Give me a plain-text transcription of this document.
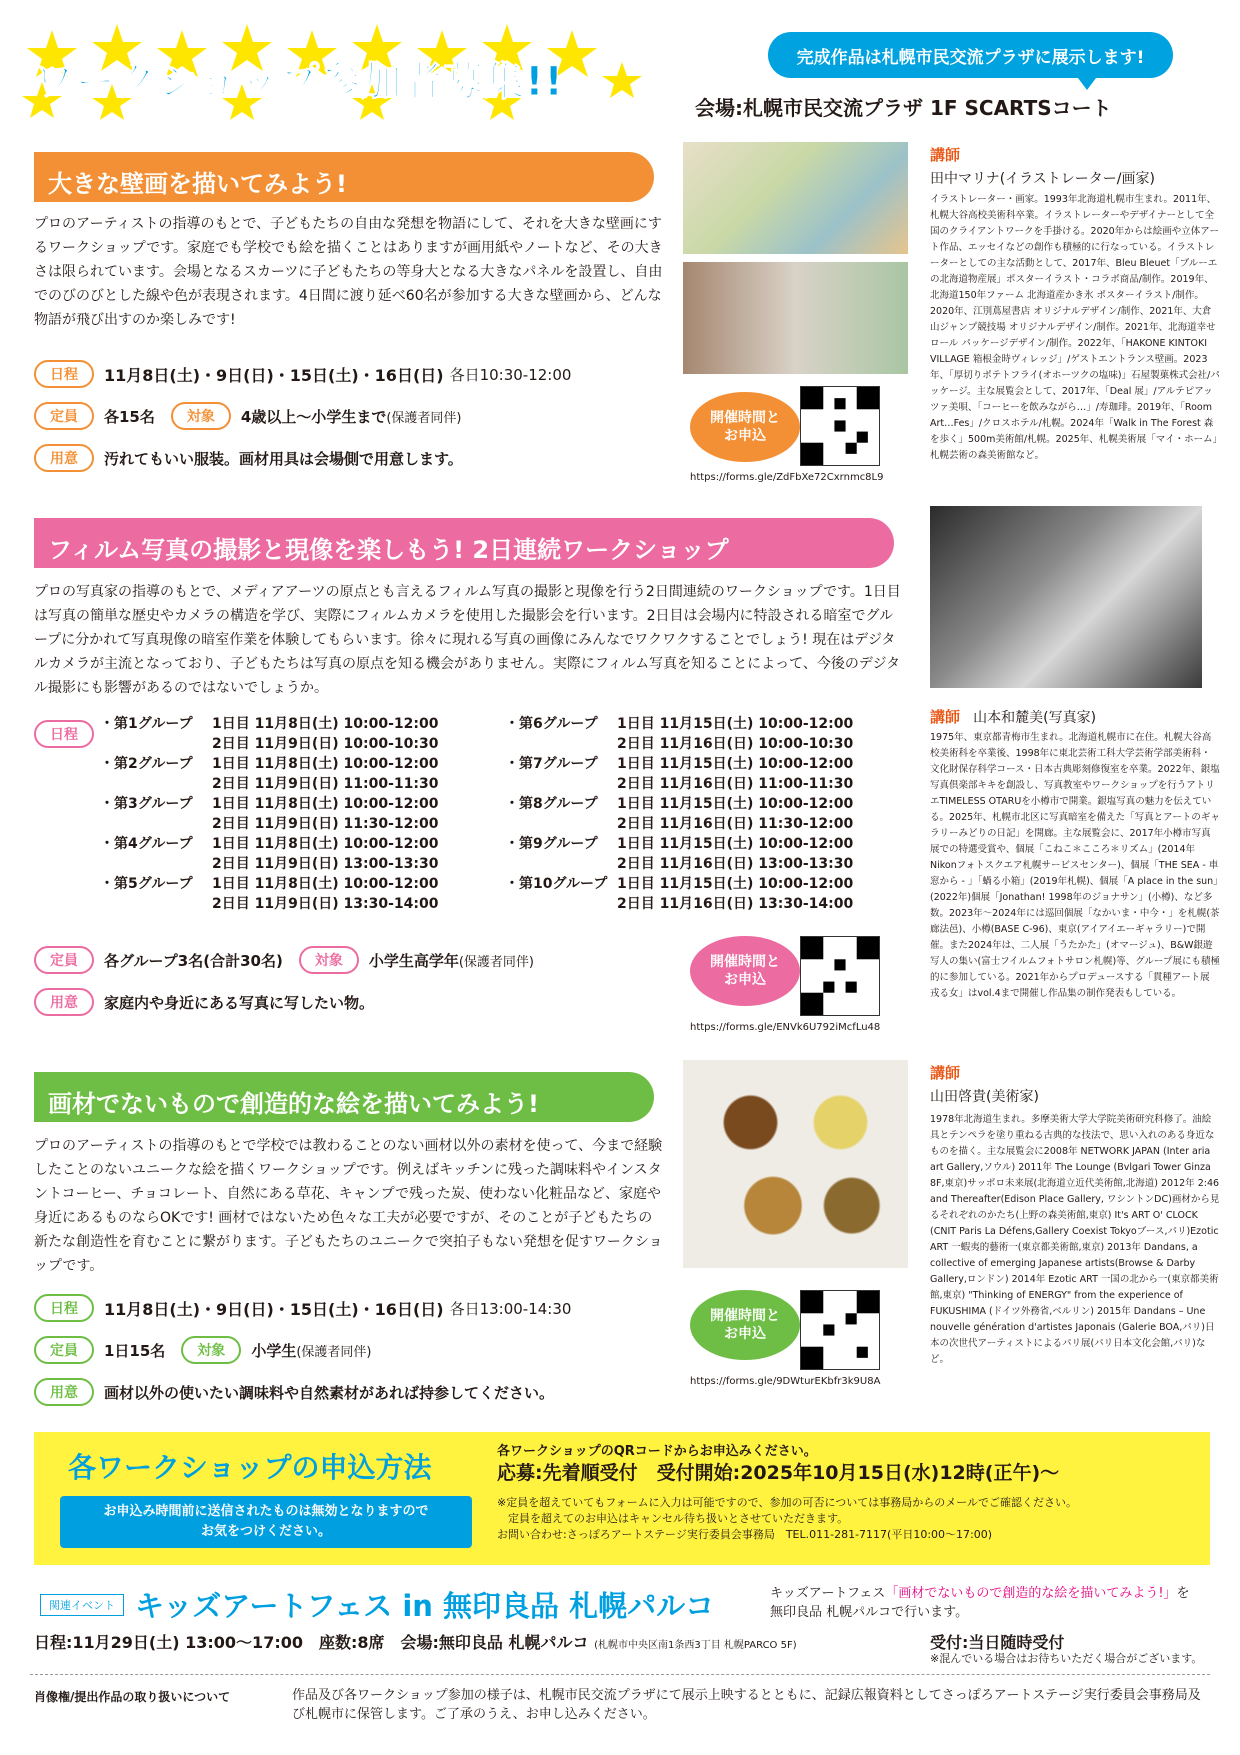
ワークショップ参加者募集!!
完成作品は札幌市民交流プラザに展示します!
会場:札幌市民交流プラザ 1F SCARTSコート
大きな壁画を描いてみよう!
プロのアーティストの指導のもとで、子どもたちの自由な発想を物語にして、それを大きな壁画にするワークショップです。家庭でも学校でも絵を描くことはありますが画用紙やノートなど、その大きさは限られています。会場となるスカーツに子どもたちの等身大となる大きなパネルを設置し、自由でのびのびとした線や色が表現されます。4日間に渡り延べ60名が参加する大きな壁画から、どんな物語が飛び出すのか楽しみです!
日程	11月8日(土)・9日(日)・15日(土)・16日(日) 各日10:30-12:00
定員	各15名	対象	4歳以上〜小学生まで (保護者同伴)
用意	汚れてもいい服装。画材用具は会場側で用意します。
開催時間と
お申込
https://forms.gle/ZdFbXe72Cxrnmc8L9
講師
田中マリナ(イラストレーター/画家)
イラストレーター・画家。1993年北海道札幌市生まれ。2011年、札幌大谷高校美術科卒業。イラストレーターやデザイナーとして全国のクライアントワークを手掛ける。2020年からは絵画や立体アート作品、エッセイなどの創作も積極的に行なっている。イラストレーターとしての主な活動として、2017年、Bleu Bleuet「ブルーエの北海道物産展」ポスターイラスト・コラボ商品/制作。2019年、北海道150年ファーム 北海道産かき氷 ポスターイラスト/制作。2020年、江別蔦屋書店 オリジナルデザイン/制作、2021年、大倉山ジャンプ競技場 オリジナルデザイン/制作。2021年、北海道幸せロール パッケージデザイン/制作。2022年、「HAKONE KINTOKI VILLAGE 箱根金時ヴィレッジ」/ゲストエントランス壁画。2023年、「厚切りポテトフライ(オホーツクの塩味)」石屋製菓株式会社/パッケージ。主な展覧会として、2017年、「Deal 展」/アルテピアッツァ美唄、「コーヒーを飲みながら…」/寿珈琲。2019年、「Room Art…Fes」/クロスホテル/札幌。2024年「Walk in The Forest 森を歩く」500m美術館/札幌。2025年、札幌美術展「マイ・ホーム」札幌芸術の森美術館など。
フィルム写真の撮影と現像を楽しもう! 2日連続ワークショップ
プロの写真家の指導のもとで、メディアアーツの原点とも言えるフィルム写真の撮影と現像を行う2日間連続のワークショップです。1日目は写真の簡単な歴史やカメラの構造を学び、実際にフィルムカメラを使用した撮影会を行います。2日目は会場内に特設される暗室でグループに分かれて写真現像の暗室作業を体験してもらいます。徐々に現れる写真の画像にみんなでワクワクすることでしょう! 現在はデジタルカメラが主流となっており、子どもたちは写真の原点を知る機会がありません。実際にフィルム写真を知ることによって、今後のデジタル撮影にも影響があるのではないでしょうか。
日程
・第1グループ	1日目 11月8日(土) 10:00-12:00
2日目 11月9日(日) 10:00-10:30
・第2グループ	1日目 11月8日(土) 10:00-12:00
2日目 11月9日(日) 11:00-11:30
・第3グループ	1日目 11月8日(土) 10:00-12:00
2日目 11月9日(日) 11:30-12:00
・第4グループ	1日目 11月8日(土) 10:00-12:00
2日目 11月9日(日) 13:00-13:30
・第5グループ	1日目 11月8日(土) 10:00-12:00
2日目 11月9日(日) 13:30-14:00
・第6グループ	1日目 11月15日(土) 10:00-12:00
2日目 11月16日(日) 10:00-10:30
・第7グループ	1日目 11月15日(土) 10:00-12:00
2日目 11月16日(日) 11:00-11:30
・第8グループ	1日目 11月15日(土) 10:00-12:00
2日目 11月16日(日) 11:30-12:00
・第9グループ	1日目 11月15日(土) 10:00-12:00
2日目 11月16日(日) 13:00-13:30
・第10グループ 1日目 11月15日(土) 10:00-12:00
2日目 11月16日(日) 13:30-14:00
定員	各グループ3名(合計30名)	対象	小学生高学年 (保護者同伴)
用意	家庭内や身近にある写真に写したい物。
開催時間と
お申込
https://forms.gle/ENVk6U792iMcfLu48
講師 山本和麓美(写真家)
1975年、東京都青梅市生まれ。北海道札幌市に在住。札幌大谷高校美術科を卒業後、1998年に東北芸術工科大学芸術学部美術科・文化財保存科学コース・日本古典彫刻修復室を卒業。2022年、銀塩写真倶楽部キキを創設し、写真教室やワークショップを行うアトリエTIMELESS OTARUを小樽市で開業。銀塩写真の魅力を伝えている。2025年、札幌市北区に写真暗室を備えた「写真とアートのギャラリーみどりの日記」を開廊。主な展覧会に、2017年小樽市写真展での特選受賞や、個展「こねこ＊こころ＊リズム」(2014年Nikonフォトスクエア札幌サービスセンター)、個展「THE SEA - 車窓から - 」「蝸る小箱」(2019年札幌)、個展「A place in the sun」(2022年)個展「Jonathan! 1998年のジョナサン」(小樽)、など多数。2023年〜2024年には巡回個展「なかいま・中今・」を札幌(茶廊法邑)、小樽(BASE C-96)、東京(アイアイエーギャラリー)で開催。また2024年は、二人展「うたかた」(オマージュ)、B&W銀遊写人の集い(富士フイルムフォトサロン札幌)等、グループ展にも積極的に参加している。2021年からプロデュースする「貫種アート展 戎る女」はvol.4まで開催し作品集の制作発表もしている。
画材でないもので創造的な絵を描いてみよう!
プロのアーティストの指導のもとで学校では教わることのない画材以外の素材を使って、今まで経験したことのないユニークな絵を描くワークショップです。例えばキッチンに残った調味料やインスタントコーヒー、チョコレート、自然にある草花、キャンプで残った炭、使わない化粧品など、家庭や身近にあるものならOKです! 画材ではないため色々な工夫が必要ですが、そのことが子どもたちの新たな創造性を育むことに繋がります。子どもたちのユニークで突拍子もない発想を促すワークショップです。
日程	11月8日(土)・9日(日)・15日(土)・16日(日) 各日13:00-14:30
定員	1日15名	対象	小学生 (保護者同伴)
用意	画材以外の使いたい調味料や自然素材があれば持参してください。
開催時間と
お申込
https://forms.gle/9DWturEKbfr3k9U8A
講師
山田啓貴(美術家)
1978年北海道生まれ。多摩美術大学大学院美術研究科修了。油絵具とテンペラを塗り重ねる古典的な技法で、思い入れのある身近なものを描く。主な展覧会に2008年 NETWORK JAPAN (Inter aria art Gallery,ソウル) 2011年 The Lounge (Bvlgari Tower Ginza 8F,東京)サッポロ未来展(北海道立近代美術館,北海道) 2012年 2:46 and Thereafter(Edison Place Gallery, ワシントンDC)画材から見るそれぞれのかたち(上野の森美術館,東京) It's ART O' CLOCK (CNIT Paris La Défens,Gallery Coexist Tokyoブース,パリ)Ezotic ART 一蝦夷的藝術一(東京都美術館,東京) 2013年 Dandans, a collective of emerging Japanese artists(Browse & Darby Gallery,ロンドン) 2014年 Ezotic ART 一国の北から一(東京都美術館,東京) "Thinking of ENERGY" from the experience of FUKUSHIMA (ドイツ外務省,ベルリン) 2015年 Dandans – Une nouvelle génération d'artistes Japonais (Galerie BOA,パリ)日本の次世代アーティストによるパリ展(パリ日本文化会館,パリ)など。
各ワークショップの申込方法
お申込み時間前に送信されたものは無効となりますので
お気をつけください。
各ワークショップのQRコードからお申込みください。
応募:先着順受付　受付開始:2025年10月15日(水)12時(正午)〜
※定員を超えていてもフォームに入力は可能ですので、参加の可否については事務局からのメールでご確認ください。
定員を超えてのお申込はキャンセル待ち扱いとさせていただきます。
お問い合わせ:さっぽろアートステージ実行委員会事務局　TEL.011-281-7117(平日10:00〜17:00)
関連イベント キッズアートフェス in 無印良品 札幌パルコ	キッズアートフェス「画材でないもので創造的な絵を描いてみよう!」を
無印良品 札幌パルコで行います。
日程:11月29日(土) 13:00〜17:00　座数:8席　会場:無印良品 札幌パルコ (札幌市中央区南1条西3丁目 札幌PARCO 5F)	受付:当日随時受付
※混んでいる場合はお待ちいただく場合がございます。
肖像権/提出作品の取り扱いについて	作品及び各ワークショップ参加の様子は、札幌市民交流プラザにて展示上映するとともに、記録広報資料としてさっぽろアートステージ実行委員会事務局及び札幌市に保管します。ご了承のうえ、お申し込みください。
